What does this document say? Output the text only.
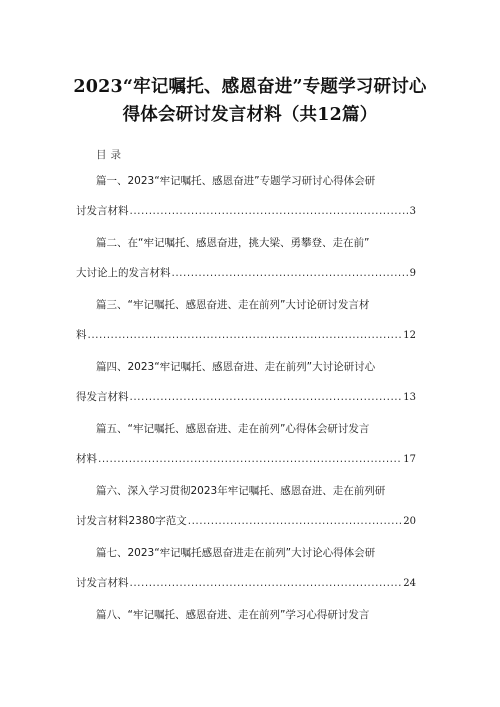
2023“牢记嘱托、感恩奋进”专题学习研讨心
得体会研讨发言材料（共12篇）
目录
篇一、2023“牢记嘱托、感恩奋进”专题学习研讨心得体会研
讨发言材料 .....	3
篇二、在“牢记嘱托、感恩奋进，挑大梁、勇攀登、走在前”
大讨论上的发言材料 .....	9
篇三、“牢记嘱托、感恩奋进、走在前列”大讨论研讨发言材
料 .....	12
篇四、2023“牢记嘱托、感恩奋进、走在前列”大讨论研讨心
得发言材料 .....	13
篇五、“牢记嘱托、感恩奋进、走在前列”心得体会研讨发言
材料 .....	17
篇六、深入学习贯彻2023年牢记嘱托、感恩奋进、走在前列研
讨发言材料2380字范文 .....	20
篇七、2023“牢记嘱托感恩奋进走在前列”大讨论心得体会研
讨发言材料 .....	24
篇八、“牢记嘱托、感恩奋进、走在前列”学习心得研讨发言
